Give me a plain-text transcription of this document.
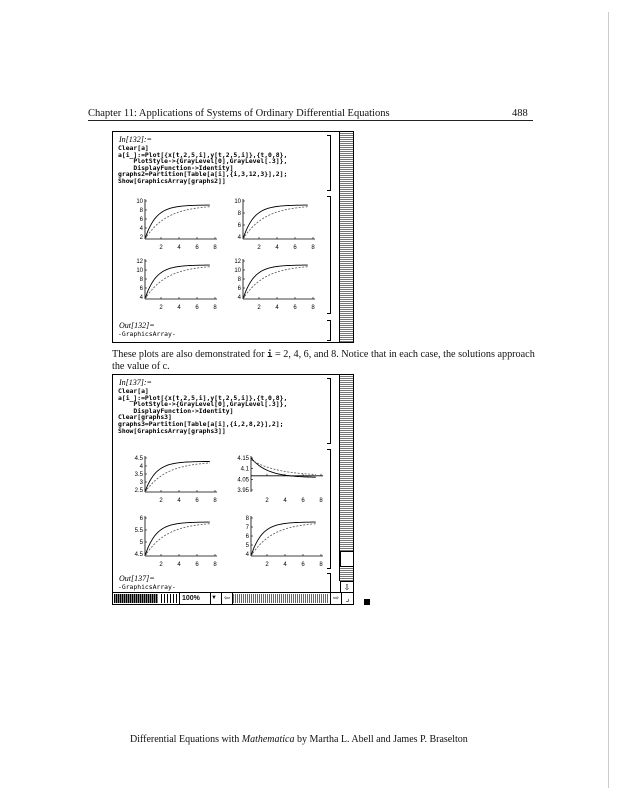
Chapter 11: Applications of Systems of Ordinary Differential Equations	488
In[132]:=
Clear[a]
a[i_]:=Plot[{x[t,2,5,i],y[t,2,5,i]},{t,0,8},
PlotStyle->{GrayLevel[0],GrayLevel[.3]},
DisplayFunction->Identity]
graphs2=Partition[Table[a[i],{i,3,12,3}],2];
Show[GraphicsArray[graphs2]]
10
8
6
4
2
2 4 6 8
10
8
6
4
2 4 6 8
12
10
8
6
4
2 4 6 8
12
10
8
6
4
2 4 6 8
Out[132]=
-GraphicsArray-
These plots are also demonstrated for i = 2, 4, 6, and 8. Notice that in each case, the solutions approach the value of c.
In[137]:=
Clear[a]
a[i_]:=Plot[{x[t,2,5,i],y[t,2,5,i]},{t,0,8},
PlotStyle->{GrayLevel[0],GrayLevel[.3]},
DisplayFunction->Identity]
Clear[graphs3]
graphs3=Partition[Table[a[i],{i,2,8,2}],2];
Show[GraphicsArray[graphs3]]
4.5
4
3.5
3
2.5
2 4 6 8
4.15
4.1
4.05
3.95
2 4 6 8
6
5.5
5
4.5
2 4 6 8
8
7
6
5
4
2 4 6 8
Out[137]=
-GraphicsArray-	⇩
100%	▼	⇦	⇨ ⌟
Differential Equations with Mathematica by Martha L. Abell and James P. Braselton
